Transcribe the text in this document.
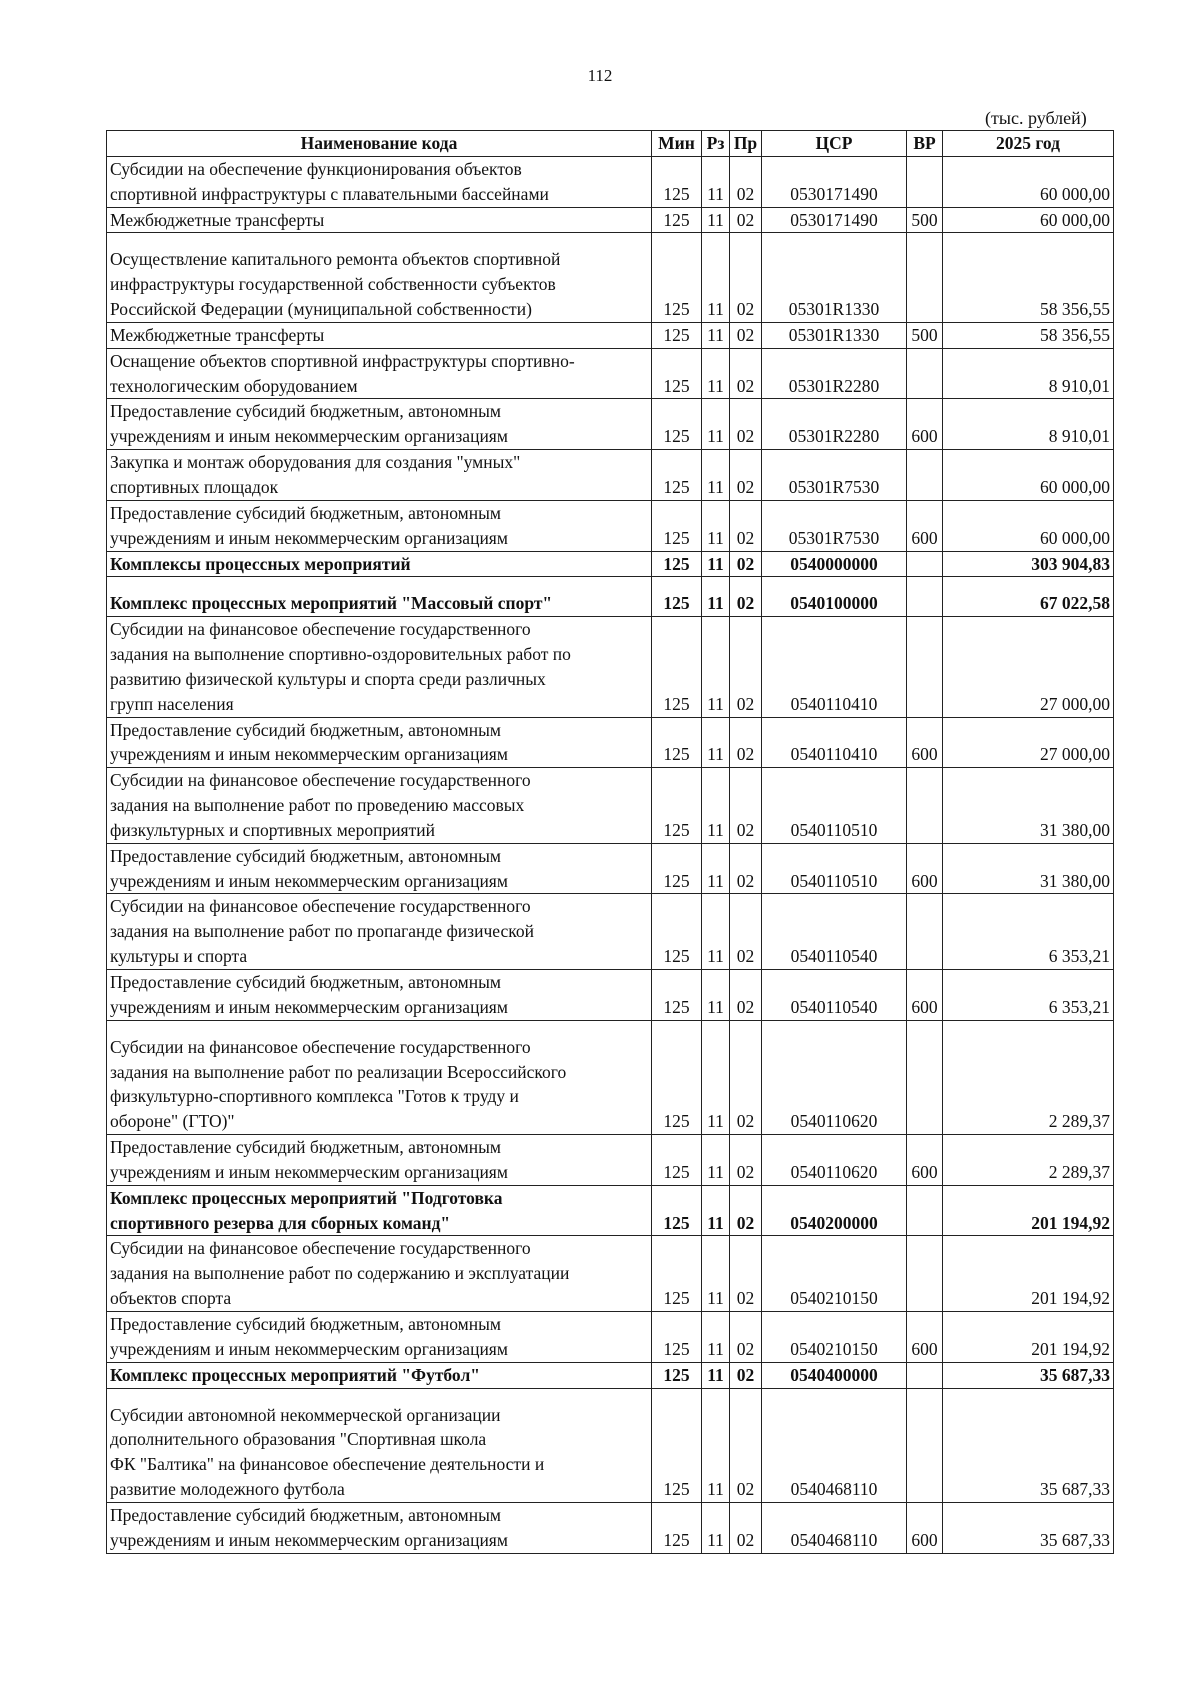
112
(тыс. рублей)
Наименование кода	Мин	Рз	Пр	ЦСР	ВР	2025 год
Субсидии на обеспечение функционирования объектов
спортивной инфраструктуры с плавательными бассейнами	125	11	02	0530171490		60 000,00
Межбюджетные трансферты	125	11	02	0530171490	500	60 000,00
Осуществление капитального ремонта объектов спортивной
инфраструктуры государственной собственности субъектов
Российской Федерации (муниципальной собственности)	125	11	02	05301R1330		58 356,55
Межбюджетные трансферты	125	11	02	05301R1330	500	58 356,55
Оснащение объектов спортивной инфраструктуры спортивно-
технологическим оборудованием	125	11	02	05301R2280		8 910,01
Предоставление субсидий бюджетным, автономным
учреждениям и иным некоммерческим организациям	125	11	02	05301R2280	600	8 910,01
Закупка и монтаж оборудования для создания "умных"
спортивных площадок	125	11	02	05301R7530		60 000,00
Предоставление субсидий бюджетным, автономным
учреждениям и иным некоммерческим организациям	125	11	02	05301R7530	600	60 000,00
Комплексы процессных мероприятий	125	11	02	0540000000		303 904,83
Комплекс процессных мероприятий "Массовый спорт"	125	11	02	0540100000		67 022,58
Субсидии на финансовое обеспечение государственного
задания на выполнение спортивно-оздоровительных работ по
развитию физической культуры и спорта среди различных
групп населения	125	11	02	0540110410		27 000,00
Предоставление субсидий бюджетным, автономным
учреждениям и иным некоммерческим организациям	125	11	02	0540110410	600	27 000,00
Субсидии на финансовое обеспечение государственного
задания на выполнение работ по проведению массовых
физкультурных и спортивных мероприятий	125	11	02	0540110510		31 380,00
Предоставление субсидий бюджетным, автономным
учреждениям и иным некоммерческим организациям	125	11	02	0540110510	600	31 380,00
Субсидии на финансовое обеспечение государственного
задания на выполнение работ по пропаганде физической
культуры и спорта	125	11	02	0540110540		6 353,21
Предоставление субсидий бюджетным, автономным
учреждениям и иным некоммерческим организациям	125	11	02	0540110540	600	6 353,21
Субсидии на финансовое обеспечение государственного
задания на выполнение работ по реализации Всероссийского
физкультурно-спортивного комплекса "Готов к труду и
обороне" (ГТО)"	125	11	02	0540110620		2 289,37
Предоставление субсидий бюджетным, автономным
учреждениям и иным некоммерческим организациям	125	11	02	0540110620	600	2 289,37
Комплекс процессных мероприятий "Подготовка
спортивного резерва для сборных команд"	125	11	02	0540200000		201 194,92
Субсидии на финансовое обеспечение государственного
задания на выполнение работ по содержанию и эксплуатации
объектов спорта	125	11	02	0540210150		201 194,92
Предоставление субсидий бюджетным, автономным
учреждениям и иным некоммерческим организациям	125	11	02	0540210150	600	201 194,92
Комплекс процессных мероприятий "Футбол"	125	11	02	0540400000		35 687,33
Субсидии автономной некоммерческой организации
дополнительного образования "Спортивная школа
ФК "Балтика" на финансовое обеспечение деятельности и
развитие молодежного футбола	125	11	02	0540468110		35 687,33
Предоставление субсидий бюджетным, автономным
учреждениям и иным некоммерческим организациям	125	11	02	0540468110	600	35 687,33
